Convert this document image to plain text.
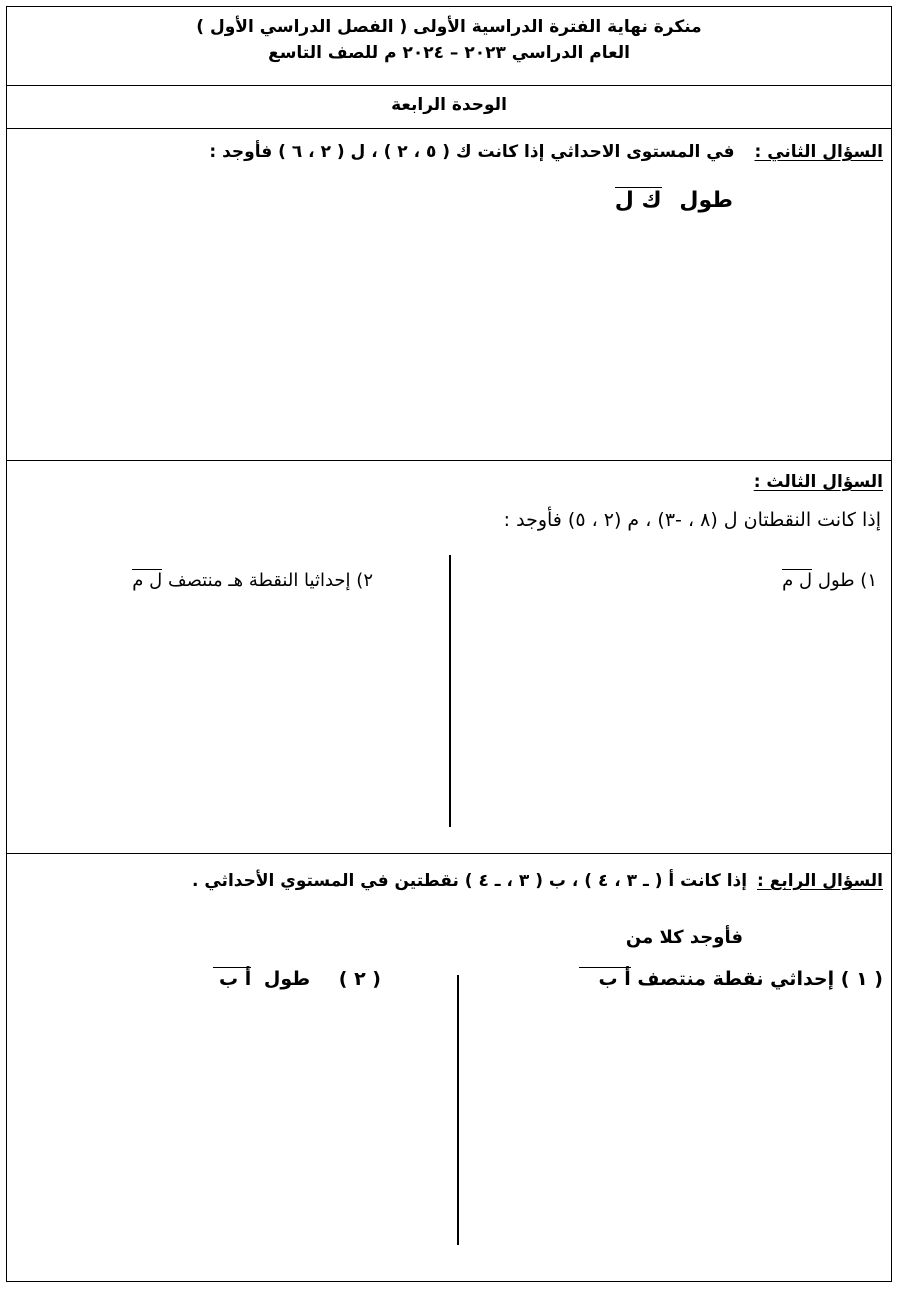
منكرة نهاية الفترة الدراسية الأولى ( الفصل الدراسي الأول )
العام الدراسي ٢٠٢٣ – ٢٠٢٤ م للصف التاسع
الوحدة الرابعة
السؤال الثاني : في المستوى الاحداثي إذا كانت ك ( ٥ ، ٢ ) ، ل ( ٢ ، ٦ ) فأوجد :
طول ك ل
السؤال الثالث :
إذا كانت النقطتان ل (٨ ، -٣) ، م (٢ ، ٥) فأوجد :
١) طول ل م
٢) إحداثيا النقطة هـ منتصف ل م
السؤال الرابع : إذا كانت أ ( ـ ٣ ، ٤ ) ، ب ( ٣ ، ـ ٤ ) نقطتين في المستوي الأحداثي .
فأوجد كلا من
( ١ ) إحداثي نقطة منتصف أ ب
( ٢ ) طول أ ب
